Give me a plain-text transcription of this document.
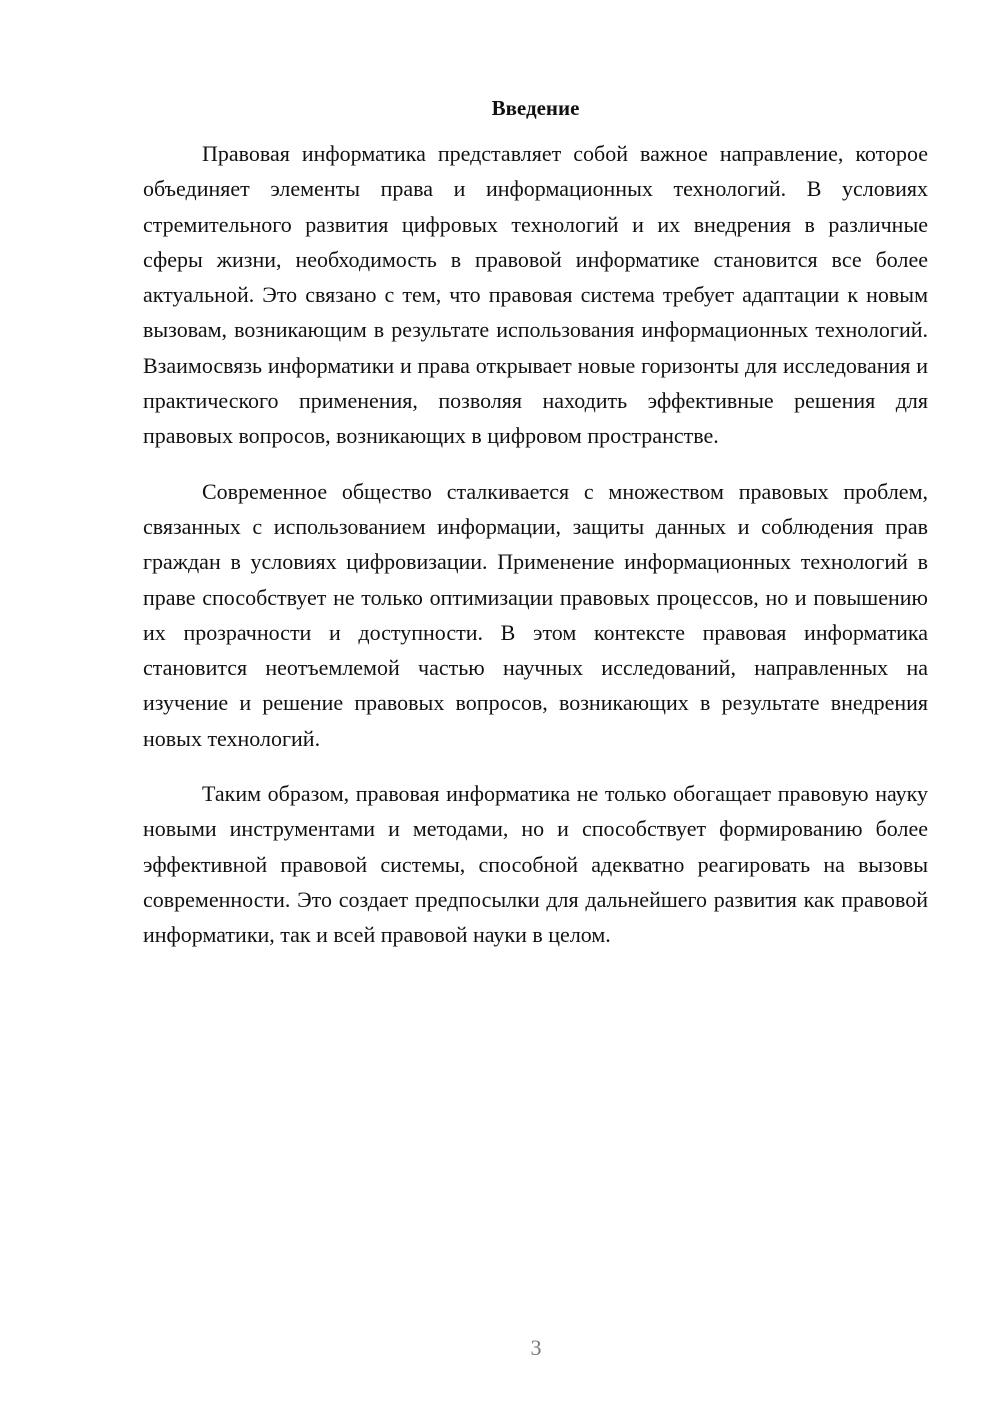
Введение

Правовая информатика представляет собой важное направление, которое объединяет элементы права и информационных технологий. В условиях стремительного развития цифровых технологий и их внедрения в различные сферы жизни, необходимость в правовой информатике становится все более актуальной. Это связано с тем, что правовая система требует адаптации к новым вызовам, возникающим в результате использования информационных технологий. Взаимосвязь информатики и права открывает новые горизонты для исследования и практического применения, позволяя находить эффективные решения для правовых вопросов, возникающих в цифровом пространстве.

Современное общество сталкивается с множеством правовых проблем, связанных с использованием информации, защиты данных и соблюдения прав граждан в условиях цифровизации. Применение информационных технологий в праве способствует не только оптимизации правовых процессов, но и повышению их прозрачности и доступности. В этом контексте правовая информатика становится неотъемлемой частью научных исследований, направленных на изучение и решение правовых вопросов, возникающих в результате внедрения новых технологий.

Таким образом, правовая информатика не только обогащает правовую науку новыми инструментами и методами, но и способствует формированию более эффективной правовой системы, способной адекватно реагировать на вызовы современности. Это создает предпосылки для дальнейшего развития как правовой информатики, так и всей правовой науки в целом.

3
